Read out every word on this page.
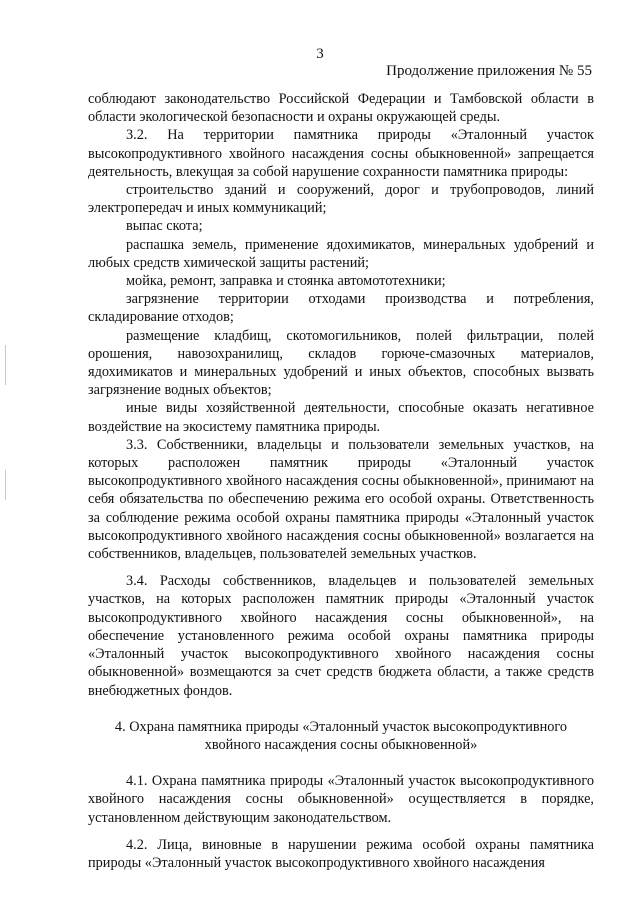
3
Продолжение приложения № 55

соблюдают законодательство Российской Федерации и Тамбовской области в области экологической безопасности и охраны окружающей среды.

3.2. На территории памятника природы «Эталонный участок высокопродуктивного хвойного насаждения сосны обыкновенной» запрещается деятельность, влекущая за собой нарушение сохранности памятника природы:

строительство зданий и сооружений, дорог и трубопроводов, линий электропередач и иных коммуникаций;

выпас скота;

распашка земель, применение ядохимикатов, минеральных удобрений и любых средств химической защиты растений;

мойка, ремонт, заправка и стоянка автомототехники;

загрязнение территории отходами производства и потребления, складирование отходов;

размещение кладбищ, скотомогильников, полей фильтрации, полей орошения, навозохранилищ, складов горюче-смазочных материалов, ядохимикатов и минеральных удобрений и иных объектов, способных вызвать загрязнение водных объектов;

иные виды хозяйственной деятельности, способные оказать негативное воздействие на экосистему памятника природы.

3.3. Собственники, владельцы и пользователи земельных участков, на которых расположен памятник природы «Эталонный участок высокопродуктивного хвойного насаждения сосны обыкновенной», принимают на себя обязательства по обеспечению режима его особой охраны. Ответственность за соблюдение режима особой охраны памятника природы «Эталонный участок высокопродуктивного хвойного насаждения сосны обыкновенной» возлагается на собственников, владельцев, пользователей земельных участков.

3.4. Расходы собственников, владельцев и пользователей земельных участков, на которых расположен памятник природы «Эталонный участок высокопродуктивного хвойного насаждения сосны обыкновенной», на обеспечение установленного режима особой охраны памятника природы «Эталонный участок высокопродуктивного хвойного насаждения сосны обыкновенной» возмещаются за счет средств бюджета области, а также средств внебюджетных фондов.

4. Охрана памятника природы «Эталонный участок высокопродуктивного хвойного насаждения сосны обыкновенной»

4.1. Охрана памятника природы «Эталонный участок высокопродуктивного хвойного насаждения сосны обыкновенной» осуществляется в порядке, установленном действующим законодательством.

4.2. Лица, виновные в нарушении режима особой охраны памятника природы «Эталонный участок высокопродуктивного хвойного насаждения
